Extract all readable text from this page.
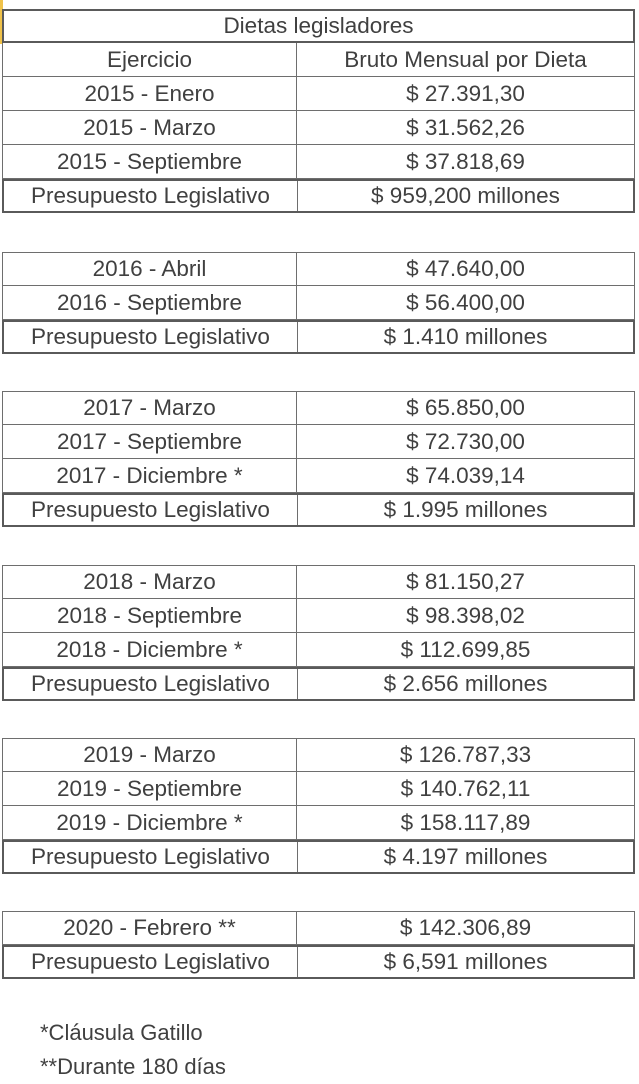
Dietas legisladores
Ejercicio	Bruto Mensual por Dieta
2015 - Enero	$ 27.391,30
2015 - Marzo	$ 31.562,26
2015 - Septiembre	$ 37.818,69
Presupuesto Legislativo	$ 959,200 millones
2016 - Abril	$ 47.640,00
2016 - Septiembre	$ 56.400,00
Presupuesto Legislativo	$ 1.410 millones
2017 - Marzo	$ 65.850,00
2017 - Septiembre	$ 72.730,00
2017 - Diciembre *	$ 74.039,14
Presupuesto Legislativo	$ 1.995 millones
2018 - Marzo	$ 81.150,27
2018 - Septiembre	$ 98.398,02
2018 - Diciembre *	$ 112.699,85
Presupuesto Legislativo	$ 2.656 millones
2019 - Marzo	$ 126.787,33
2019 - Septiembre	$ 140.762,11
2019 - Diciembre *	$ 158.117,89
Presupuesto Legislativo	$ 4.197 millones
2020 - Febrero **	$ 142.306,89
Presupuesto Legislativo	$ 6,591 millones
*Cláusula Gatillo
**Durante 180 días
